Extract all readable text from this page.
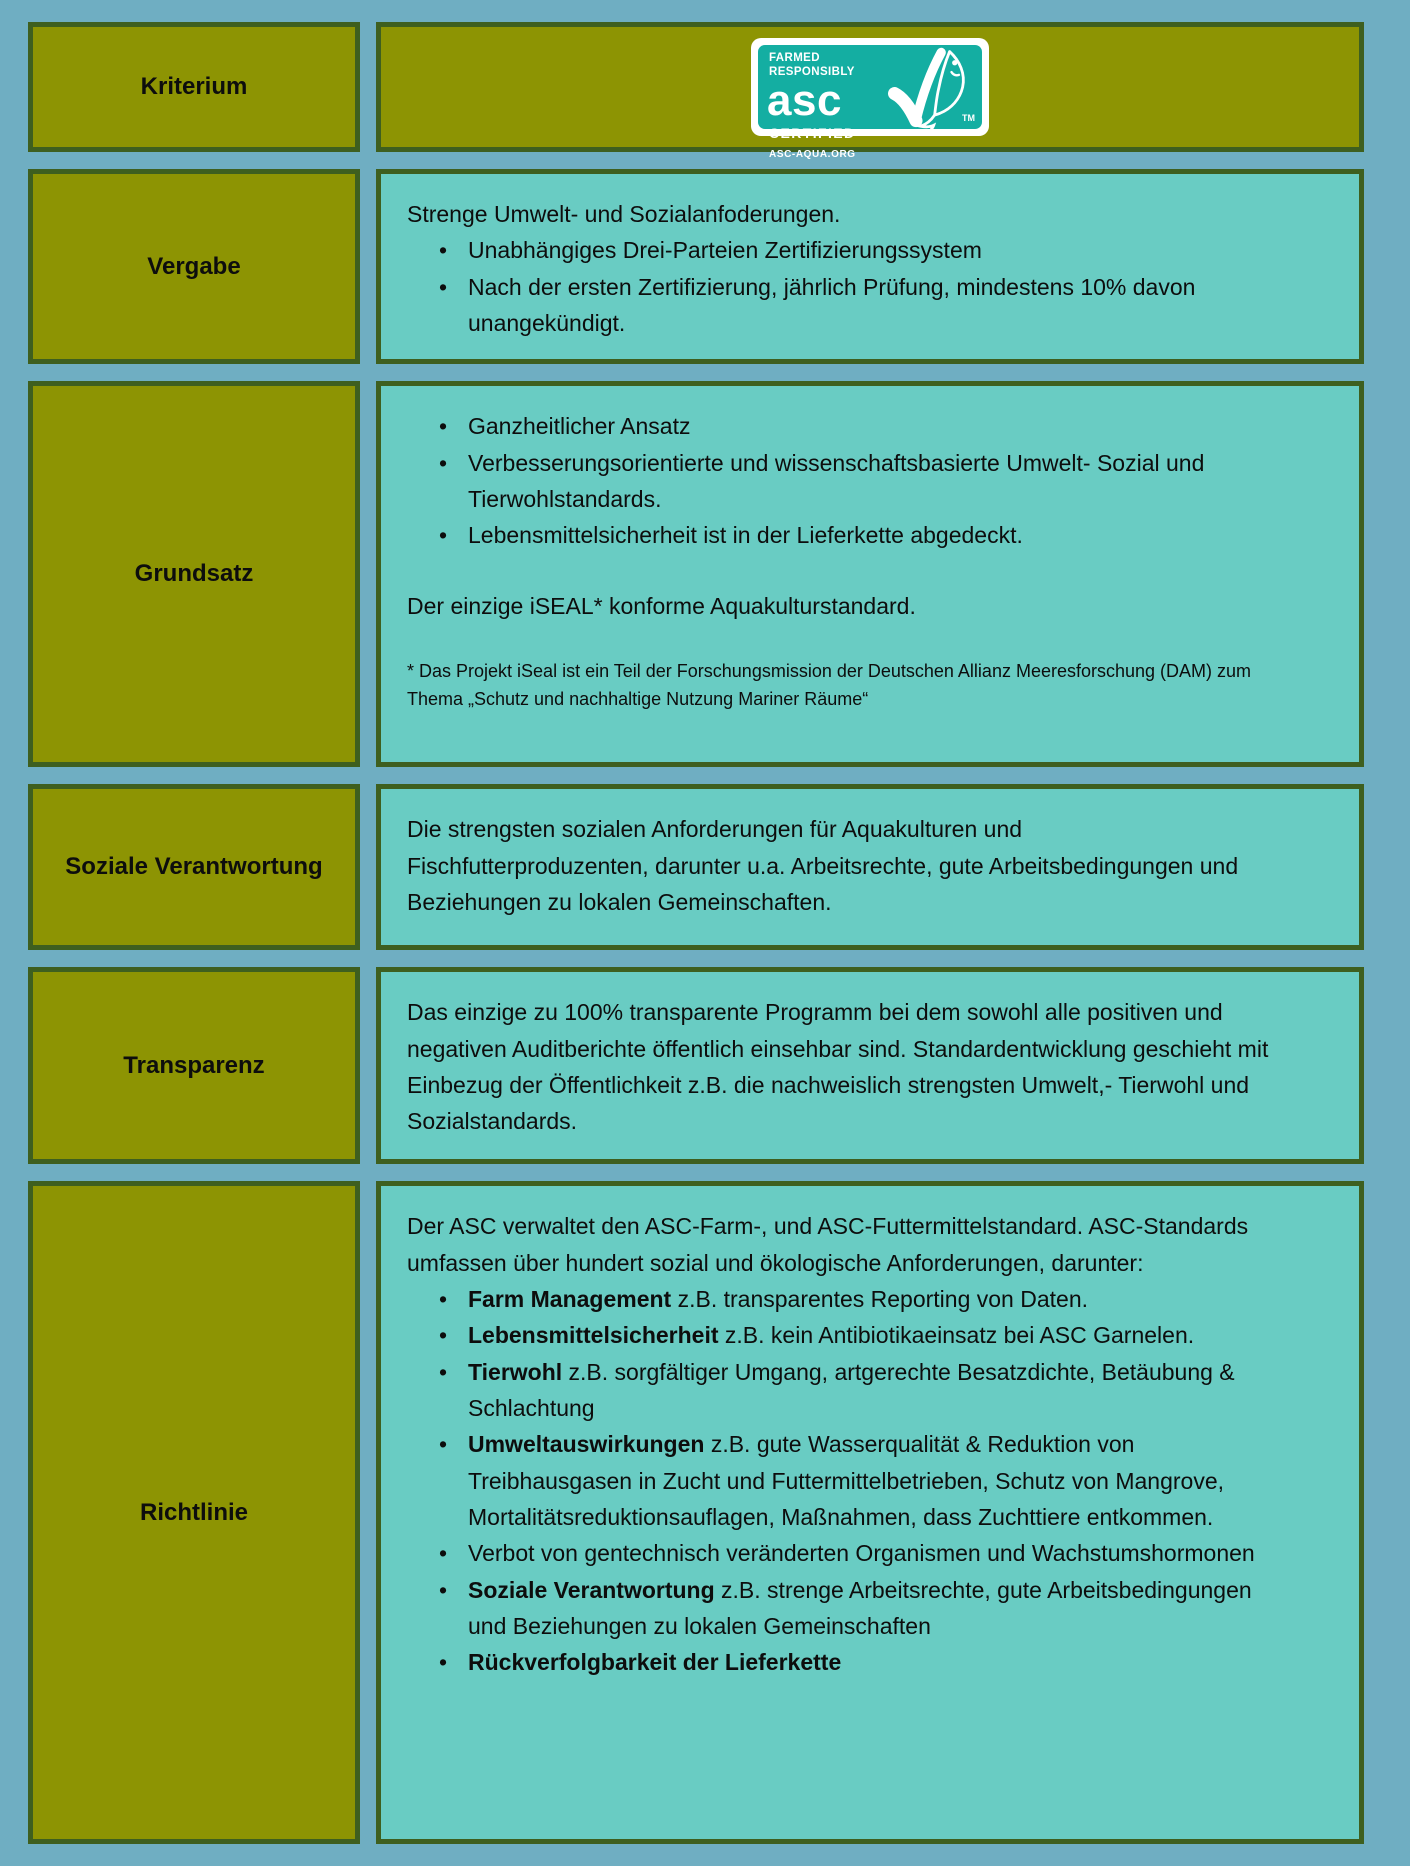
Kriterium
FARMED
RESPONSIBLY
asc
CERTIFIED
ASC-AQUA.ORG
TM
Vergabe
Strenge Umwelt- und Sozialanfoderungen.
• Unabhängiges Drei-Parteien Zertifizierungssystem
• Nach der ersten Zertifizierung, jährlich Prüfung, mindestens 10% davon unangekündigt.
Grundsatz
• Ganzheitlicher Ansatz
• Verbesserungsorientierte und wissenschaftsbasierte Umwelt- Sozial und Tierwohlstandards.
• Lebensmittelsicherheit ist in der Lieferkette abgedeckt.
Der einzige iSEAL* konforme Aquakulturstandard.
* Das Projekt iSeal ist ein Teil der Forschungsmission der Deutschen Allianz Meeresforschung (DAM) zum Thema „Schutz und nachhaltige Nutzung Mariner Räume“
Soziale Verantwortung
Die strengsten sozialen Anforderungen für Aquakulturen und Fischfutterproduzenten, darunter u.a. Arbeitsrechte, gute Arbeitsbedingungen und Beziehungen zu lokalen Gemeinschaften.
Transparenz
Das einzige zu 100% transparente Programm bei dem sowohl alle positiven und negativen Auditberichte öffentlich einsehbar sind. Standardentwicklung geschieht mit Einbezug der Öffentlichkeit z.B. die nachweislich strengsten Umwelt,- Tierwohl und Sozialstandards.
Richtlinie
Der ASC verwaltet den ASC-Farm-, und ASC-Futtermittelstandard. ASC-Standards umfassen über hundert sozial und ökologische Anforderungen, darunter:
• Farm Management z.B. transparentes Reporting von Daten.
• Lebensmittelsicherheit z.B. kein Antibiotikaeinsatz bei ASC Garnelen.
• Tierwohl z.B. sorgfältiger Umgang, artgerechte Besatzdichte, Betäubung & Schlachtung
• Umweltauswirkungen z.B. gute Wasserqualität & Reduktion von Treibhausgasen in Zucht und Futtermittelbetrieben, Schutz von Mangrove, Mortalitätsreduktionsauflagen, Maßnahmen, dass Zuchttiere entkommen.
• Verbot von gentechnisch veränderten Organismen und Wachstumshormonen
• Soziale Verantwortung z.B. strenge Arbeitsrechte, gute Arbeitsbedingungen und Beziehungen zu lokalen Gemeinschaften
• Rückverfolgbarkeit der Lieferkette
